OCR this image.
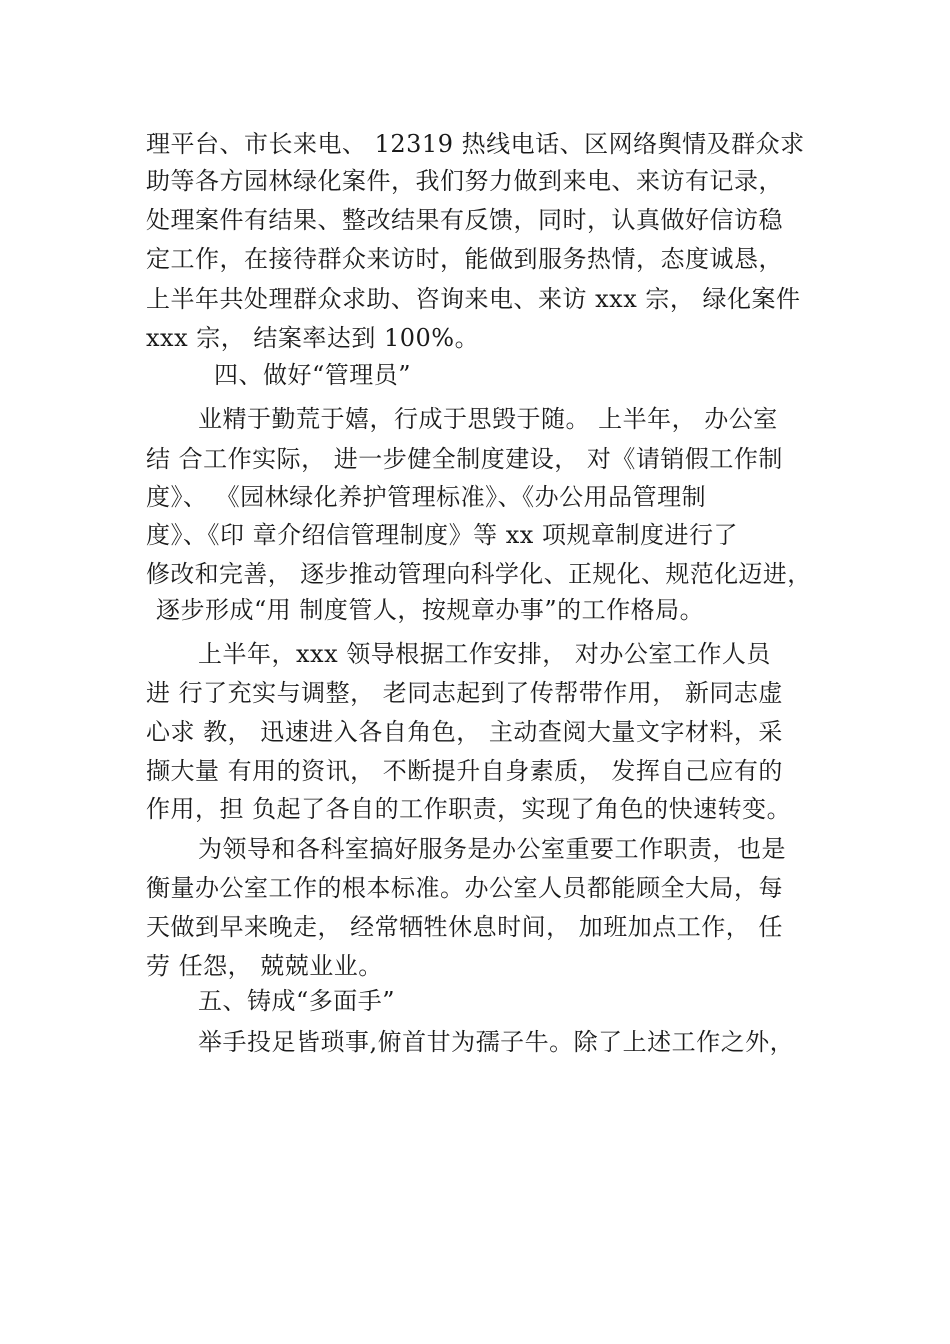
理平台、市长来电、 12319 热线电话、区网络舆情及群众求
助等各方园林绿化案件，我们努力做到来电、来访有记录，
处理案件有结果、整改结果有反馈，同时，认真做好信访稳
定工作，在接待群众来访时，能做到服务热情，态度诚恳，
上半年共处理群众求助、咨询来电、来访 xxx 宗， 绿化案件
xxx 宗， 结案率达到 100%。
四、做好“管理员”
业精于勤荒于嬉，行成于思毁于随。 上半年， 办公室
结 合工作实际， 进一步健全制度建设， 对《请销假工作制
度》、 《园林绿化养护管理标准》、《办公用品管理制
度》、《印 章介绍信管理制度》等 xx 项规章制度进行了
修改和完善， 逐步推动管理向科学化、正规化、规范化迈进，
逐步形成“用 制度管人，按规章办事”的工作格局。
上半年，xxx 领导根据工作安排， 对办公室工作人员
进 行了充实与调整， 老同志起到了传帮带作用， 新同志虚
心求 教， 迅速进入各自角色， 主动查阅大量文字材料，采
撷大量 有用的资讯， 不断提升自身素质， 发挥自己应有的
作用，担 负起了各自的工作职责，实现了角色的快速转变。
为领导和各科室搞好服务是办公室重要工作职责，也是
衡量办公室工作的根本标准。办公室人员都能顾全大局，每
天做到早来晚走， 经常牺牲休息时间， 加班加点工作， 任
劳 任怨， 兢兢业业。
五、铸成“多面手”
举手投足皆琐事,俯首甘为孺子牛。除了上述工作之外，
